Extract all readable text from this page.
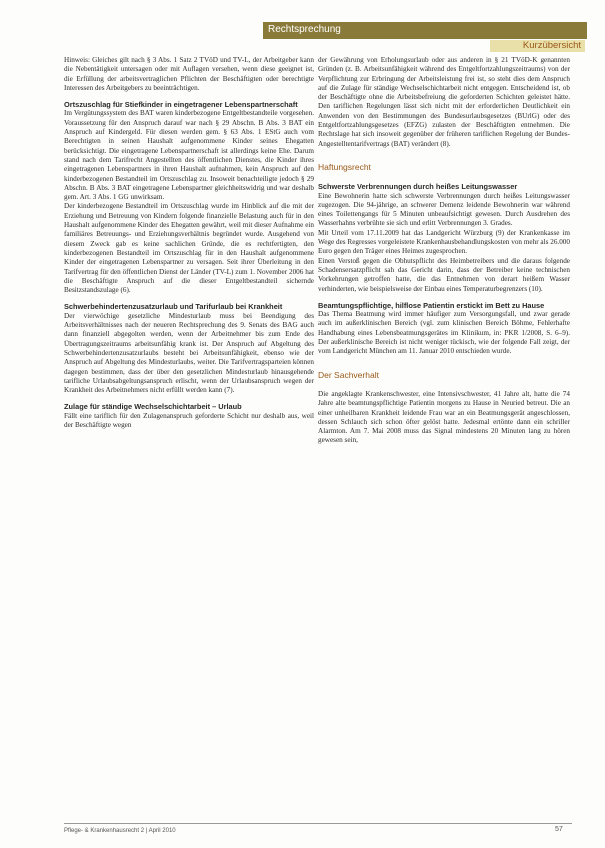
Rechtsprechung
Kurzübersicht

Hinweis: Gleiches gilt nach § 3 Abs. 1 Satz 2 TVöD und TV-L, der Arbeitgeber kann die Nebentätigkeit untersagen oder mit Auflagen versehen, wenn diese geeignet ist, die Erfüllung der arbeitsvertraglichen Pflichten der Beschäftigten oder berechtigte Interessen des Arbeitgebers zu beeinträchtigen.

Ortszuschlag für Stiefkinder in eingetragener Lebenspartnerschaft

Im Vergütungssystem des BAT waren kinderbezogene Entgeltbestandteile vorgesehen. Voraussetzung für den Anspruch darauf war nach § 29 Abschn. B Abs. 3 BAT ein Anspruch auf Kindergeld. Für diesen werden gem. § 63 Abs. 1 EStG auch vom Berechtigten in seinen Haushalt aufgenommene Kinder seines Ehegatten berücksichtigt. Die eingetragene Lebenspartnerschaft ist allerdings keine Ehe. Darum stand nach dem Tarifrecht Angestellten des öffentlichen Dienstes, die Kinder ihres eingetragenen Lebenspartners in ihren Haushalt aufnahmen, kein Anspruch auf den kinderbezogenen Bestandteil im Ortszuschlag zu. Insoweit benachteiligte jedoch § 29 Abschn. B Abs. 3 BAT eingetragene Lebenspartner gleichheitswidrig und war deshalb gem. Art. 3 Abs. 1 GG unwirksam.

Der kinderbezogene Bestandteil im Ortszuschlag wurde im Hinblick auf die mit der Erziehung und Betreuung von Kindern folgende finanzielle Belastung auch für in den Haushalt aufgenommene Kinder des Ehegatten gewährt, weil mit dieser Aufnahme ein familiäres Betreuungs- und Erziehungsverhältnis begründet wurde. Ausgehend von diesem Zweck gab es keine sachlichen Gründe, die es rechtfertigten, den kinderbezogenen Bestandteil im Ortszuschlag für in den Haushalt aufgenommene Kinder der eingetragenen Lebenspartner zu versagen. Seit ihrer Überleitung in den Tarifvertrag für den öffentlichen Dienst der Länder (TV-L) zum 1. November 2006 hat die Beschäftigte Anspruch auf die dieser Entgeltbestandteil sichernde Besitzstandszulage (6).

Schwerbehindertenzusatzurlaub und Tarifurlaub bei Krankheit

Der vierwöchige gesetzliche Mindesturlaub muss bei Beendigung des Arbeitsverhältnisses nach der neueren Rechtsprechung des 9. Senats des BAG auch dann finanziell abgegolten werden, wenn der Arbeitnehmer bis zum Ende des Übertragungszeitraums arbeitsunfähig krank ist. Der Anspruch auf Abgeltung des Schwerbehindertenzusatzurlaubs besteht bei Arbeitsunfähigkeit, ebenso wie der Anspruch auf Abgeltung des Mindesturlaubs, weiter. Die Tarifvertragsparteien können dagegen bestimmen, dass der über den gesetzlichen Mindesturlaub hinausgehende tarifliche Urlaubsabgeltungsanspruch erlischt, wenn der Urlaubsanspruch wegen der Krankheit des Arbeitnehmers nicht erfüllt werden kann (7).

Zulage für ständige Wechselschichtarbeit – Urlaub

Fällt eine tariflich für den Zulagenanspruch geforderte Schicht nur deshalb aus, weil der Beschäftigte wegen

der Gewährung von Erholungsurlaub oder aus anderen in § 21 TVöD-K genannten Gründen (z. B. Arbeitsunfähigkeit während des Entgeltfortzahlungszeitraums) von der Verpflichtung zur Erbringung der Arbeitsleistung frei ist, so steht dies dem Anspruch auf die Zulage für ständige Wechselschichtarbeit nicht entgegen. Entscheidend ist, ob der Beschäftigte ohne die Arbeitsbefreiung die geforderten Schichten geleistet hätte. Den tariflichen Regelungen lässt sich nicht mit der erforderlichen Deutlichkeit ein Anwenden von den Bestimmungen des Bundesurlaubsgesetzes (BUrlG) oder des Entgeltfortzahlungsgesetzes (EFZG) zulasten der Beschäftigten entnehmen. Die Rechtslage hat sich insoweit gegenüber der früheren tariflichen Regelung der Bundes-Angestelltentarifvertrags (BAT) verändert (8).

Haftungsrecht

Schwerste Verbrennungen durch heißes Leitungswasser

Eine Bewohnerin hatte sich schwerste Verbrennungen durch heißes Leitungswasser zugezogen. Die 94-jährige, an schwerer Demenz leidende Bewohnerin war während eines Toilettengangs für 5 Minuten unbeaufsichtigt gewesen. Durch Ausdrehen des Wasserhahns verbrühte sie sich und erlitt Verbrennungen 3. Grades.

Mit Urteil vom 17.11.2009 hat das Landgericht Würzburg (9) der Krankenkasse im Wege des Regresses vorgeleistete Krankenhausbehandlungskosten von mehr als 26.000 Euro gegen den Träger eines Heimes zugesprochen.

Einen Verstoß gegen die Obhutspflicht des Heimbetreibers und die daraus folgende Schadensersatzpflicht sah das Gericht darin, dass der Betreiber keine technischen Vorkehrungen getroffen hatte, die das Entnehmen von derart heißem Wasser verhinderten, wie beispielsweise der Einbau eines Temperaturbegrenzers (10).

Beamtungspflichtige, hilflose Patientin erstickt im Bett zu Hause

Das Thema Beatmung wird immer häufiger zum Versorgungsfall, und zwar gerade auch im außerklinischen Bereich (vgl. zum klinischen Bereich Böhme, Fehlerhafte Handhabung eines Lebensbeatmungsgerätes im Klinikum, in: PKR 1/2008, S. 6–9). Der außerklinische Bereich ist nicht weniger tückisch, wie der folgende Fall zeigt, der vom Landgericht München am 11. Januar 2010 entschieden wurde.

Der Sachverhalt

Die angeklagte Krankenschwester, eine Intensivschwester, 41 Jahre alt, hatte die 74 Jahre alte beamtungspflichtige Patientin morgens zu Hause in Neuried betreut. Die an einer unheilbaren Krankheit leidende Frau war an ein Beatmungsgerät angeschlossen, dessen Schlauch sich schon öfter gelöst hatte. Jedesmal ertönte dann ein schriller Alarmton. Am 7. Mai 2008 muss das Signal mindestens 20 Minuten lang zu hören gewesen sein,

Pflege- & Krankenhausrecht 2 | April 2010	57
